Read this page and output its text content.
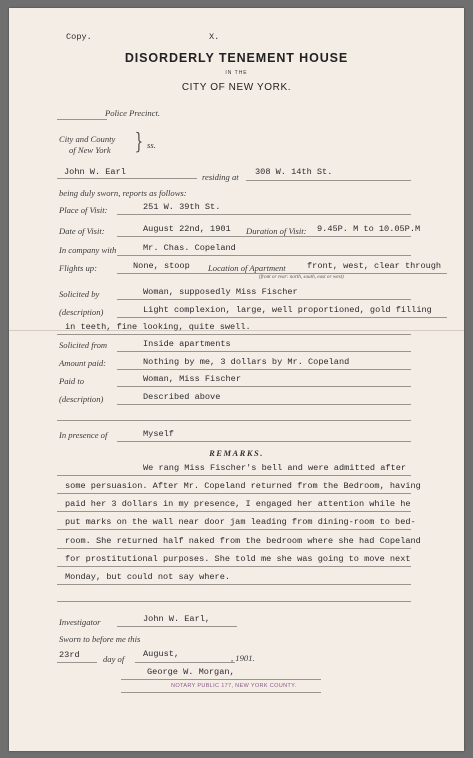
Copy.	X.
DISORDERLY TENEMENT HOUSE
IN THE
CITY OF NEW YORK.
Police Precinct.
City and County
of New York } ss.
John W. Earl	residing at 308 W. 14th St.
being duly sworn, reports as follows:
Place of Visit:	251 W. 39th St.
Date of Visit:	August 22nd, 1901 Duration of Visit: 9.45P. M to 10.05P.M
In company with	Mr. Chas. Copeland
Flights up:	None, stoop Location of Apartment front, west, clear through
(front or rear: north, south, east or west)
Solicited by	Woman, supposedly Miss Fischer
(description)	Light complexion, large, well proportioned, gold filling
in teeth, fine looking, quite swell.
Solicited from	Inside apartments
Amount paid:	Nothing by me, 3 dollars by Mr. Copeland
Paid to	Woman, Miss Fischer
(description)	Described above
In presence of	Myself
REMARKS.
We rang Miss Fischer's bell and were admitted after
some persuasion. After Mr. Copeland returned from the Bedroom, having
paid her 3 dollars in my presence, I engaged her attention while he
put marks on the wall near door jam leading from dining-room to bed-
room. She returned half naked from the bedroom where she had Copeland
for prostitutional purposes. She told me she was going to move next
Monday, but could not say where.
Investigator	John W. Earl,
Sworn to before me this
23rd	day of August,	, 1901.
George W. Morgan,
NOTARY PUBLIC 177, NEW YORK COUNTY.
